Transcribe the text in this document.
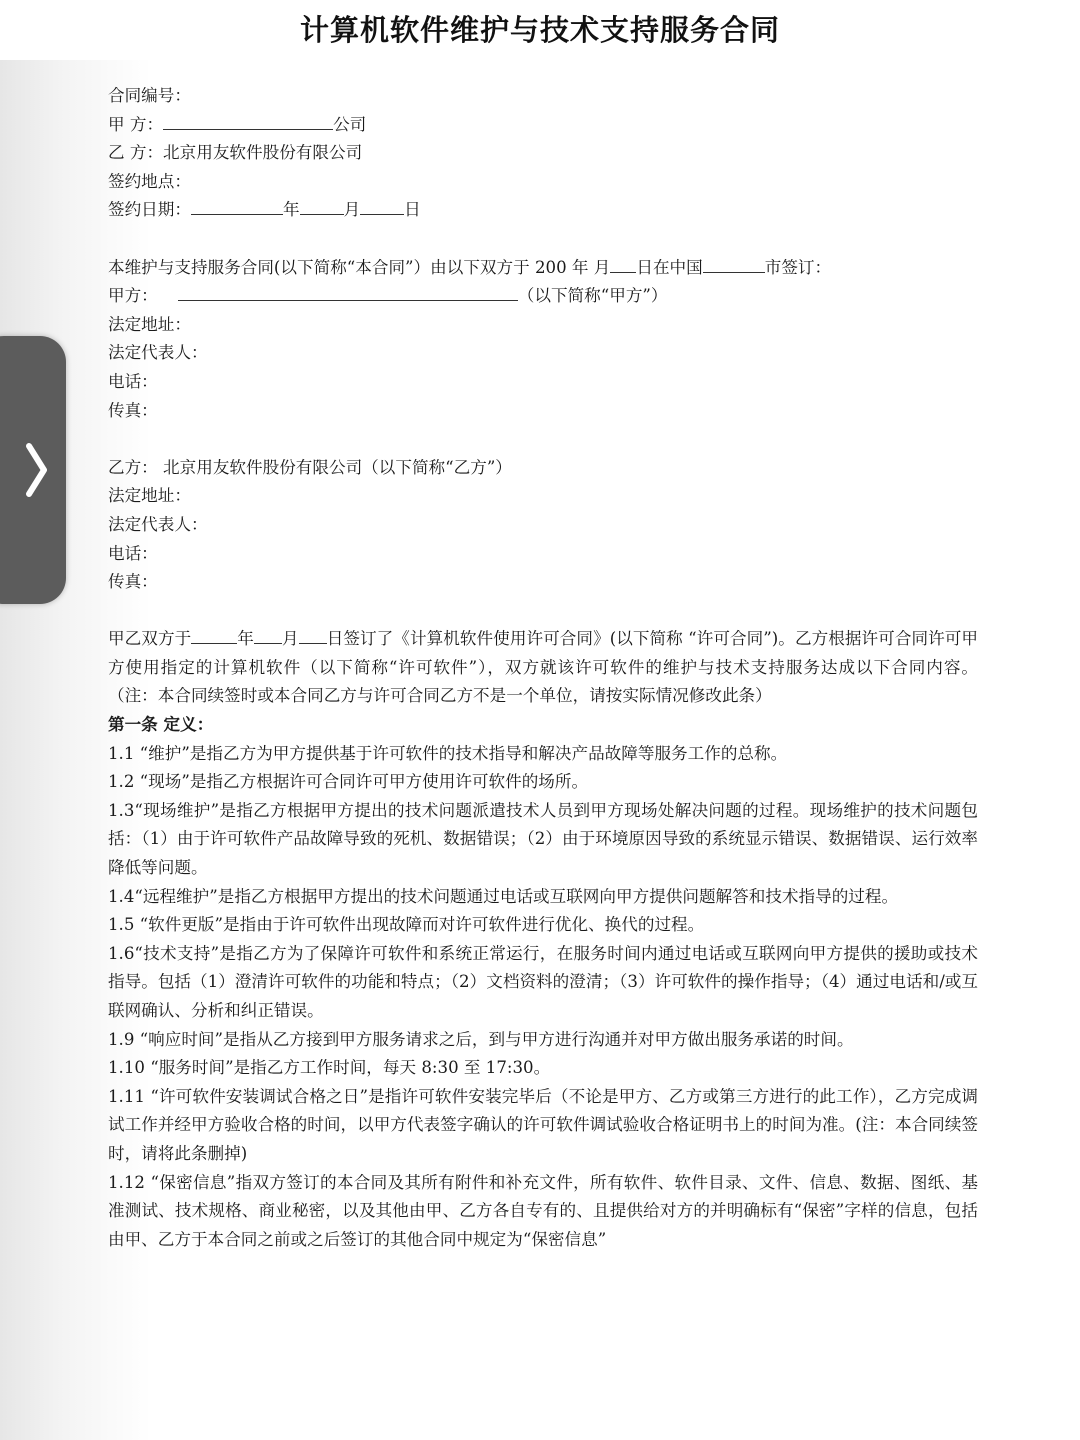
计算机软件维护与技术支持服务合同
合同编号：
甲 方：	公司
乙 方：北京用友软件股份有限公司
签约地点：
签约日期：	年	月	日
本维护与支持服务合同(以下简称“本合同”）由以下双方于 200 年 月 日在中国	市签订：
甲方：	（以下简称“甲方”）
法定地址：
法定代表人：
电话：
传真：
乙方： 北京用友软件股份有限公司（以下简称“乙方”）
法定地址：
法定代表人：
电话：
传真：
甲乙双方于	年 月 日签订了《计算机软件使用许可合同》(以下简称 “许可合同”)。乙方根据许可合同许可甲方使用指定的计算机软件（以下简称“许可软件”），双方就该许可软件的维护与技术支持服务达成以下合同内容。 （注：本合同续签时或本合同乙方与许可合同乙方不是一个单位，请按实际情况修改此条）
第一条 定义：
1.1 “维护”是指乙方为甲方提供基于许可软件的技术指导和解决产品故障等服务工作的总称。
1.2 “现场”是指乙方根据许可合同许可甲方使用许可软件的场所。
1.3“现场维护”是指乙方根据甲方提出的技术问题派遣技术人员到甲方现场处解决问题的过程。现场维护的技术问题包括：（1）由于许可软件产品故障导致的死机、数据错误；（2）由于环境原因导致的系统显示错误、数据错误、运行效率降低等问题。
1.4“远程维护”是指乙方根据甲方提出的技术问题通过电话或互联网向甲方提供问题解答和技术指导的过程。
1.5 “软件更版”是指由于许可软件出现故障而对许可软件进行优化、换代的过程。
1.6“技术支持”是指乙方为了保障许可软件和系统正常运行，在服务时间内通过电话或互联网向甲方提供的援助或技术指导。包括（1）澄清许可软件的功能和特点；（2）文档资料的澄清；（3）许可软件的操作指导；（4）通过电话和/或互联网确认、分析和纠正错误。
1.9 “响应时间”是指从乙方接到甲方服务请求之后，到与甲方进行沟通并对甲方做出服务承诺的时间。
1.10 “服务时间”是指乙方工作时间，每天 8:30 至 17:30。
1.11 “许可软件安装调试合格之日”是指许可软件安装完毕后（不论是甲方、乙方或第三方进行的此工作），乙方完成调试工作并经甲方验收合格的时间，以甲方代表签字确认的许可软件调试验收合格证明书上的时间为准。(注：本合同续签时，请将此条删掉)
1.12 “保密信息”指双方签订的本合同及其所有附件和补充文件，所有软件、软件目录、文件、信息、数据、图纸、基准测试、技术规格、商业秘密，以及其他由甲、乙方各自专有的、且提供给对方的并明确标有“保密”字样的信息，包括由甲、乙方于本合同之前或之后签订的其他合同中规定为“保密信息”
